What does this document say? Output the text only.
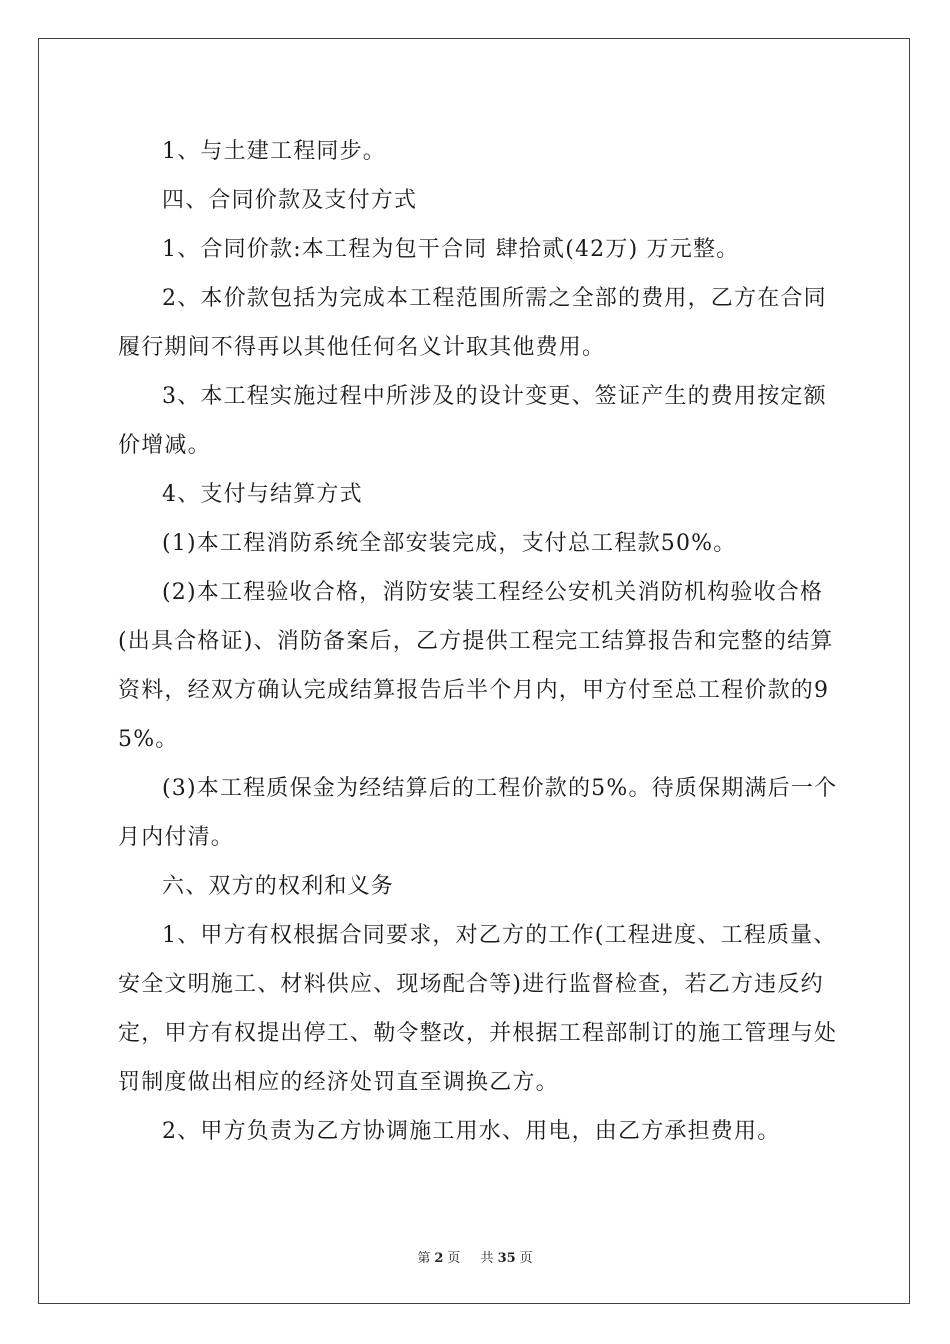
1、与土建工程同步。

四、合同价款及支付方式

1、合同价款:本工程为包干合同 肆拾贰(42万) 万元整。

2、本价款包括为完成本工程范围所需之全部的费用，乙方在合同履行期间不得再以其他任何名义计取其他费用。

3、本工程实施过程中所涉及的设计变更、签证产生的费用按定额价增减。

4、支付与结算方式

(1)本工程消防系统全部安装完成，支付总工程款50%。

(2)本工程验收合格，消防安装工程经公安机关消防机构验收合格 (出具合格证)、消防备案后，乙方提供工程完工结算报告和完整的结算资料，经双方确认完成结算报告后半个月内，甲方付至总工程价款的95%。

(3)本工程质保金为经结算后的工程价款的5%。待质保期满后一个月内付清。

六、双方的权利和义务

1、甲方有权根据合同要求，对乙方的工作(工程进度、工程质量、安全文明施工、材料供应、现场配合等)进行监督检查，若乙方违反约定，甲方有权提出停工、勒令整改，并根据工程部制订的施工管理与处罚制度做出相应的经济处罚直至调换乙方。

2、甲方负责为乙方协调施工用水、用电，由乙方承担费用。

第 2 页 共 35 页
